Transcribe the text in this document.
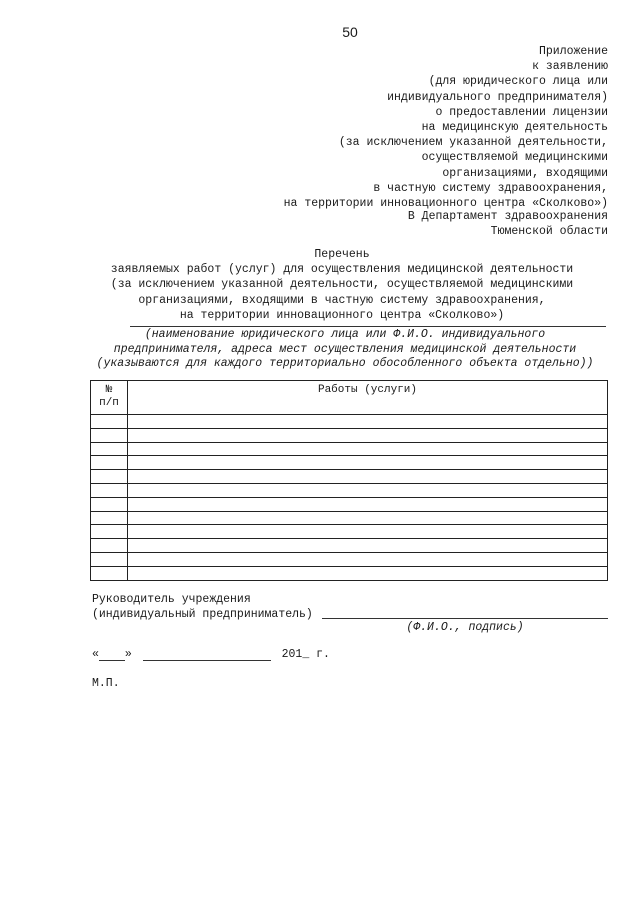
50
Приложение
к заявлению
(для юридического лица или
индивидуального предпринимателя)
о предоставлении лицензии
на медицинскую деятельность
(за исключением указанной деятельности,
осуществляемой медицинскими
организациями, входящими
в частную систему здравоохранения,
на территории инновационного центра «Сколково»)
В Департамент здравоохранения
Тюменской области
Перечень
заявляемых работ (услуг) для осуществления медицинской деятельности
(за исключением указанной деятельности, осуществляемой медицинскими
организациями, входящими в частную систему здравоохранения,
на территории инновационного центра «Сколково»)
(наименование юридического лица или Ф.И.О. индивидуального
предпринимателя, адреса мест осуществления медицинской деятельности
(указываются для каждого территориально обособленного объекта отдельно))
№
п/п	Работы (услуги)

Руководитель учреждения
(индивидуальный предприниматель)
(Ф.И.О., подпись)
« »	201_ г.
М.П.
